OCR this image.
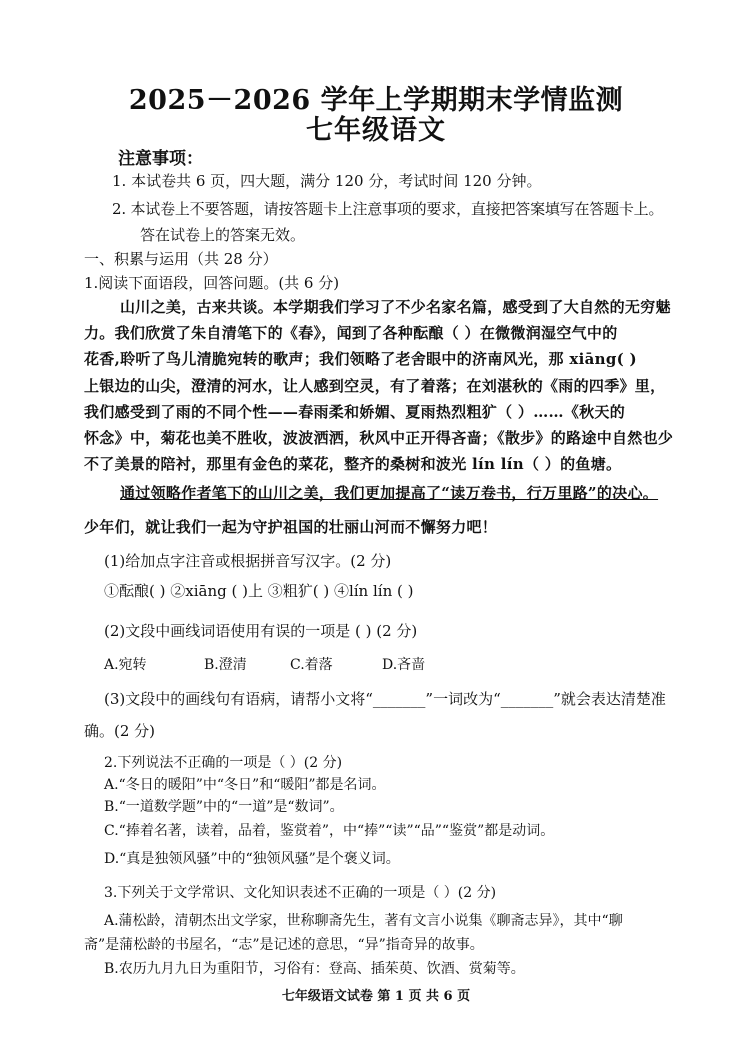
2025－2026 学年上学期期末学情监测
七年级语文
注意事项：
1. 本试卷共 6 页，四大题，满分 120 分，考试时间 120 分钟。
2. 本试卷上不要答题，请按答题卡上注意事项的要求，直接把答案填写在答题卡上。
答在试卷上的答案无效。
一、积累与运用（共 28 分）
1.阅读下面语段，回答问题。(共 6 分)
山川之美，古来共谈。本学期我们学习了不少名家名篇，感受到了大自然的无穷魅
力。我们欣赏了朱自清笔下的《春》，闻到了各种酝酿（ ）在微微润湿空气中的
花香,聆听了鸟儿清脆宛转的歌声；我们领略了老舍眼中的济南风光，那 xiāng( )
上银边的山尖，澄清的河水，让人感到空灵，有了着落；在刘湛秋的《雨的四季》里，
我们感受到了雨的不同个性——春雨柔和娇媚、夏雨热烈粗犷（ ）……《秋天的
怀念》中，菊花也美不胜收，波波洒洒，秋风中正开得吝啬；《散步》的路途中自然也少
不了美景的陪衬，那里有金色的菜花，整齐的桑树和波光 lín lín（ ）的鱼塘。
通过领略作者笔下的山川之美，我们更加提高了“读万卷书，行万里路”的决心。
少年们，就让我们一起为守护祖国的壮丽山河而不懈努力吧！
(1)给加点字注音或根据拼音写汉字。(2 分)
①酝酿( ) ②xiāng ( )上 ③粗犷( ) ④lín lín ( )
(2)文段中画线词语使用有误的一项是 ( ) (2 分)
A.宛转	B.澄清	C.着落	D.吝啬
(3)文段中的画线句有语病，请帮小文将“_______”一词改为“_______”就会表达清楚准
确。(2 分)
2.下列说法不正确的一项是（ ）(2 分)
A.“冬日的暖阳”中“冬日”和“暖阳”都是名词。
B.“一道数学题”中的“一道”是“数词”。
C.“捧着名著，读着，品着，鉴赏着”，中“捧”“读”“品”“鉴赏”都是动词。
D.“真是独领风骚”中的“独领风骚”是个褒义词。
3.下列关于文学常识、文化知识表述不正确的一项是（ ）(2 分)
A.蒲松龄，清朝杰出文学家，世称聊斋先生，著有文言小说集《聊斋志异》，其中“聊
斋”是蒲松龄的书屋名，“志”是记述的意思，“异”指奇异的故事。
B.农历九月九日为重阳节，习俗有：登高、插茱萸、饮酒、赏菊等。
七年级语文试卷 第 1 页 共 6 页
